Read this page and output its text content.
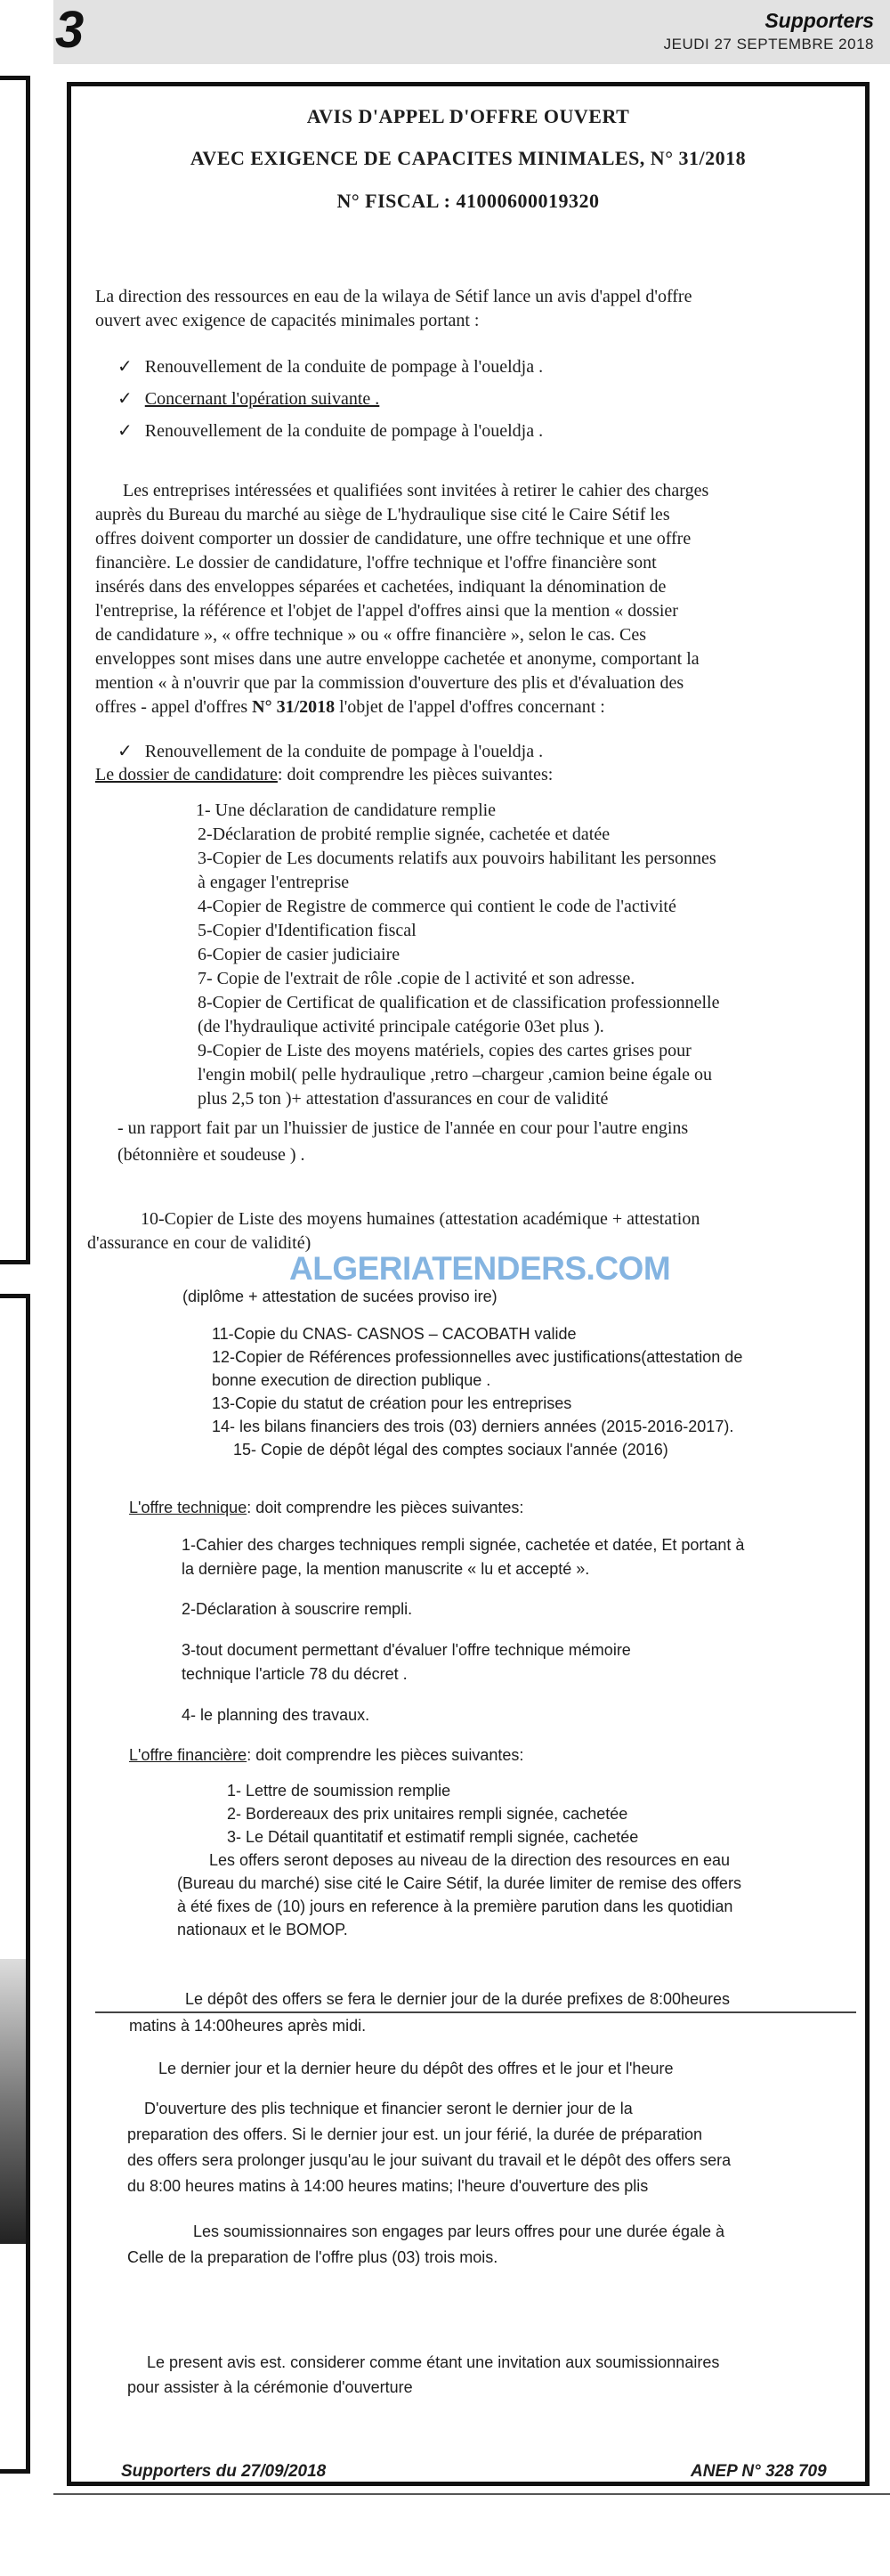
3	Supporters
JEUDI 27 SEPTEMBRE 2018
AVIS D'APPEL D'OFFRE OUVERT
AVEC EXIGENCE DE CAPACITES MINIMALES, N° 31/2018
N° FISCAL : 41000600019320

La direction des ressources en eau de la wilaya de Sétif lance un avis d'appel d'offre

ouvert avec exigence de capacités minimales portant :

✓ Renouvellement de la conduite de pompage à l'oueldja .

✓ Concernant l'opération suivante .

✓ Renouvellement de la conduite de pompage à l'oueldja .

Les entreprises intéressées et qualifiées sont invitées à retirer le cahier des charges

auprès du Bureau du marché au siège de L'hydraulique sise cité le Caire Sétif les

offres doivent comporter un dossier de candidature, une offre technique et une offre

financière. Le dossier de candidature, l'offre technique et l'offre financière sont

insérés dans des enveloppes séparées et cachetées, indiquant la dénomination de

l'entreprise, la référence et l'objet de l'appel d'offres ainsi que la mention « dossier

de candidature », « offre technique » ou « offre financière », selon le cas. Ces

enveloppes sont mises dans une autre enveloppe cachetée et anonyme, comportant la

mention « à n'ouvrir que par la commission d'ouverture des plis et d'évaluation des

offres - appel d'offres N° 31/2018 l'objet de l'appel d'offres concernant :

✓ Renouvellement de la conduite de pompage à l'oueldja .

Le dossier de candidature: doit comprendre les pièces suivantes:

1- Une déclaration de candidature remplie

2-Déclaration de probité remplie signée, cachetée et datée

3-Copier de Les documents relatifs aux pouvoirs habilitant les personnes

à engager l'entreprise

4-Copier de Registre de commerce qui contient le code de l'activité

5-Copier d'Identification fiscal

6-Copier de casier judiciaire

7- Copie de l'extrait de rôle .copie de l activité et son adresse.

8-Copier de Certificat de qualification et de classification professionnelle

(de l'hydraulique activité principale catégorie 03et plus ).

9-Copier de Liste des moyens matériels, copies des cartes grises pour

l'engin mobil( pelle hydraulique ,retro –chargeur ,camion beine égale ou

plus 2,5 ton )+ attestation d'assurances en cour de validité

- un rapport fait par un l'huissier de justice de l'année en cour pour l'autre engins

(bétonnière et soudeuse ) .

10-Copier de Liste des moyens humaines (attestation académique + attestation

d'assurance en cour de validité)

ALGERIATENDERS.COM

(diplôme + attestation de sucées proviso ire)

11-Copie du CNAS- CASNOS – CACOBATH valide

12-Copier de Références professionnelles avec justifications(attestation de

bonne execution de direction publique .

13-Copie du statut de création pour les entreprises

14- les bilans financiers des trois (03) derniers années (2015-2016-2017).

15- Copie de dépôt légal des comptes sociaux l'année (2016)

L'offre technique: doit comprendre les pièces suivantes:

1-Cahier des charges techniques rempli signée, cachetée et datée, Et portant à

la dernière page, la mention manuscrite « lu et accepté ».

2-Déclaration à souscrire rempli.

3-tout document permettant d'évaluer l'offre technique mémoire

technique l'article 78 du décret .

4- le planning des travaux.

L'offre financière: doit comprendre les pièces suivantes:

1- Lettre de soumission remplie

2- Bordereaux des prix unitaires rempli signée, cachetée

3- Le Détail quantitatif et estimatif rempli signée, cachetée

Les offers seront deposes au niveau de la direction des resources en eau

(Bureau du marché) sise cité le Caire Sétif, la durée limiter de remise des offers

à été fixes de (10) jours en reference à la première parution dans les quotidian

nationaux et le BOMOP.

Le dépôt des offers se fera le dernier jour de la durée prefixes de 8:00heures

matins à 14:00heures après midi.

Le dernier jour et la dernier heure du dépôt des offres et le jour et l'heure

D'ouverture des plis technique et financier seront le dernier jour de la

preparation des offers. Si le dernier jour est. un jour férié, la durée de préparation

des offers sera prolonger jusqu'au le jour suivant du travail et le dépôt des offers sera

du 8:00 heures matins à 14:00 heures matins; l'heure d'ouverture des plis

Les soumissionnaires son engages par leurs offres pour une durée égale à

Celle de la preparation de l'offre plus (03) trois mois.

Le present avis est. considerer comme étant une invitation aux soumissionnaires

pour assister à la cérémonie d'ouverture

Supporters du 27/09/2018	ANEP N° 328 709
